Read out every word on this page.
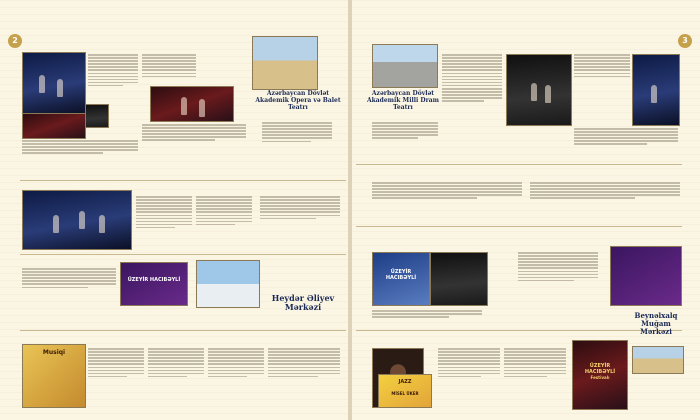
2	3
Azərbaycan Dövlət Akademik Opera və Balet Teatrı
ÜZEYİR HACIBƏYLİ
Heydər Əliyev Mərkəzi
Musiqi
Azərbaycan Dövlət Akademik Milli Dram Teatrı
ÜZEYİR HACIBƏYLİ
JAZZ
MİSEL ÜKER
ÜZEYİR HACIBƏYLİ
Festivalı
Beynəlxalq Muğam Mərkəzi
